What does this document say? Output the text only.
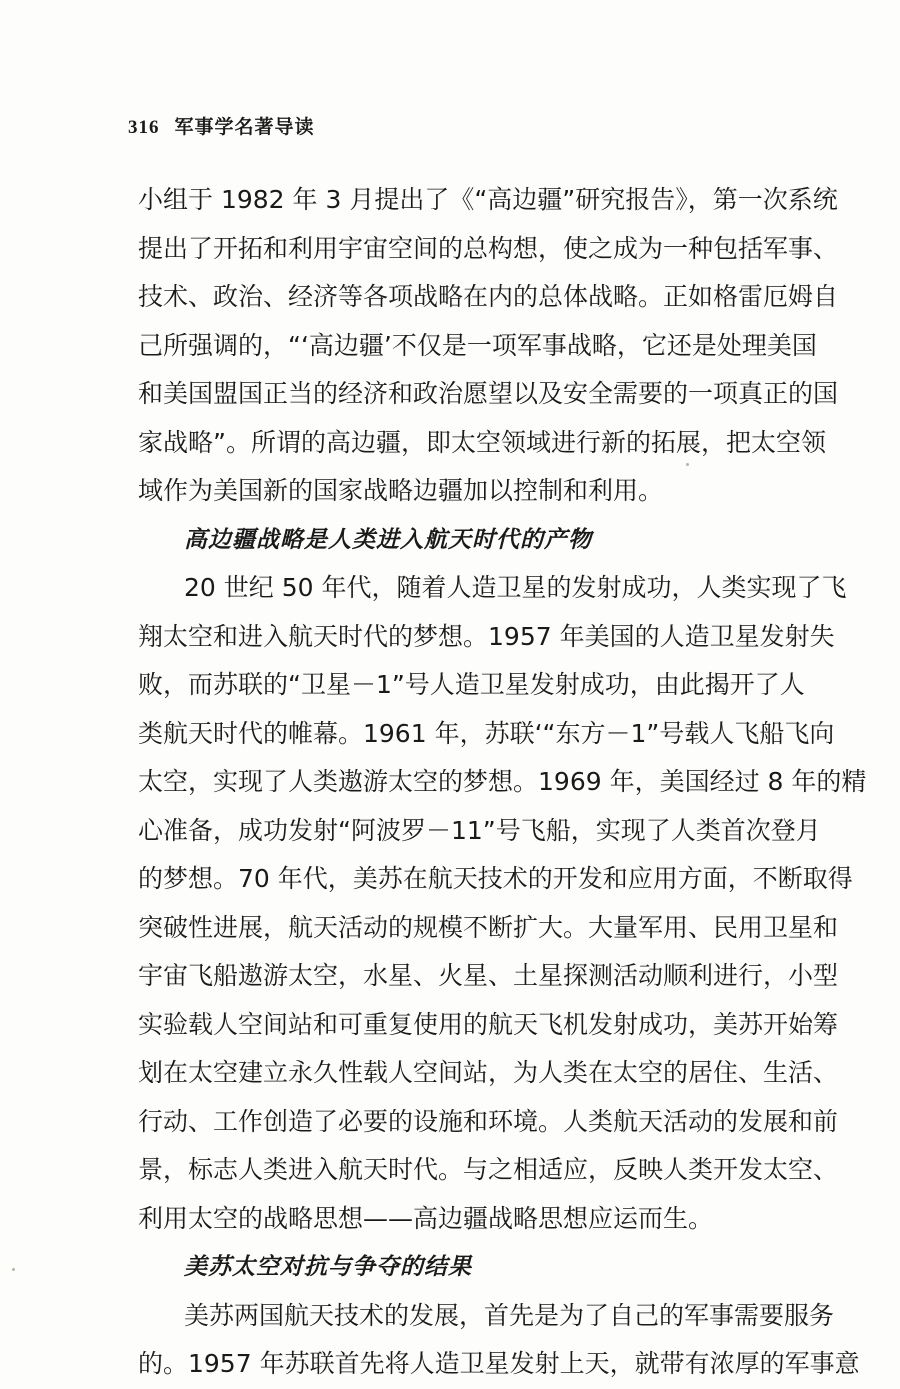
316 军事学名著导读
小组于 1982 年 3 月提出了《“高边疆”研究报告》，第一次系统
提出了开拓和利用宇宙空间的总构想，使之成为一种包括军事、
技术、政治、经济等各项战略在内的总体战略。正如格雷厄姆自
己所强调的，“‘高边疆’不仅是一项军事战略，它还是处理美国
和美国盟国正当的经济和政治愿望以及安全需要的一项真正的国
家战略”。所谓的高边疆，即太空领域进行新的拓展，把太空领
域作为美国新的国家战略边疆加以控制和利用。
高边疆战略是人类进入航天时代的产物
20 世纪 50 年代，随着人造卫星的发射成功，人类实现了飞
翔太空和进入航天时代的梦想。1957 年美国的人造卫星发射失
败，而苏联的“卫星－1”号人造卫星发射成功，由此揭开了人
类航天时代的帷幕。1961 年，苏联‘“东方－1”号载人飞船飞向
太空，实现了人类遨游太空的梦想。1969 年，美国经过 8 年的精
心准备，成功发射“阿波罗－11”号飞船，实现了人类首次登月
的梦想。70 年代，美苏在航天技术的开发和应用方面，不断取得
突破性进展，航天活动的规模不断扩大。大量军用、民用卫星和
宇宙飞船遨游太空，水星、火星、土星探测活动顺利进行，小型
实验载人空间站和可重复使用的航天飞机发射成功，美苏开始筹
划在太空建立永久性载人空间站，为人类在太空的居住、生活、
行动、工作创造了必要的设施和环境。人类航天活动的发展和前
景，标志人类进入航天时代。与之相适应，反映人类开发太空、
利用太空的战略思想——高边疆战略思想应运而生。
美苏太空对抗与争夺的结果
美苏两国航天技术的发展，首先是为了自己的军事需要服务
的。1957 年苏联首先将人造卫星发射上天，就带有浓厚的军事意
